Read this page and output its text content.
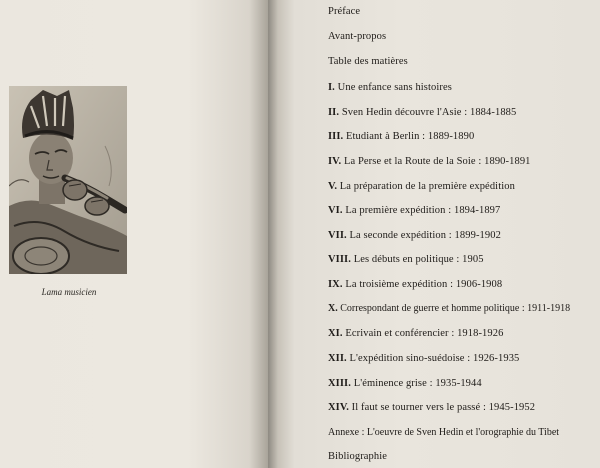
Lama musicien
Préface
Avant-propos
Table des matières
I. Une enfance sans histoires
II. Sven Hedin découvre l'Asie : 1884-1885
III. Etudiant à Berlin : 1889-1890
IV. La Perse et la Route de la Soie : 1890-1891
V. La préparation de la première expédition
VI. La première expédition : 1894-1897
VII. La seconde expédition : 1899-1902
VIII. Les débuts en politique : 1905
IX. La troisième expédition : 1906-1908
X. Correspondant de guerre et homme politique : 1911-1918
XI. Ecrivain et conférencier : 1918-1926
XII. L'expédition sino-suédoise : 1926-1935
XIII. L'éminence grise : 1935-1944
XIV. Il faut se tourner vers le passé : 1945-1952
Annexe : L'oeuvre de Sven Hedin et l'orographie du Tibet
Bibliographie
